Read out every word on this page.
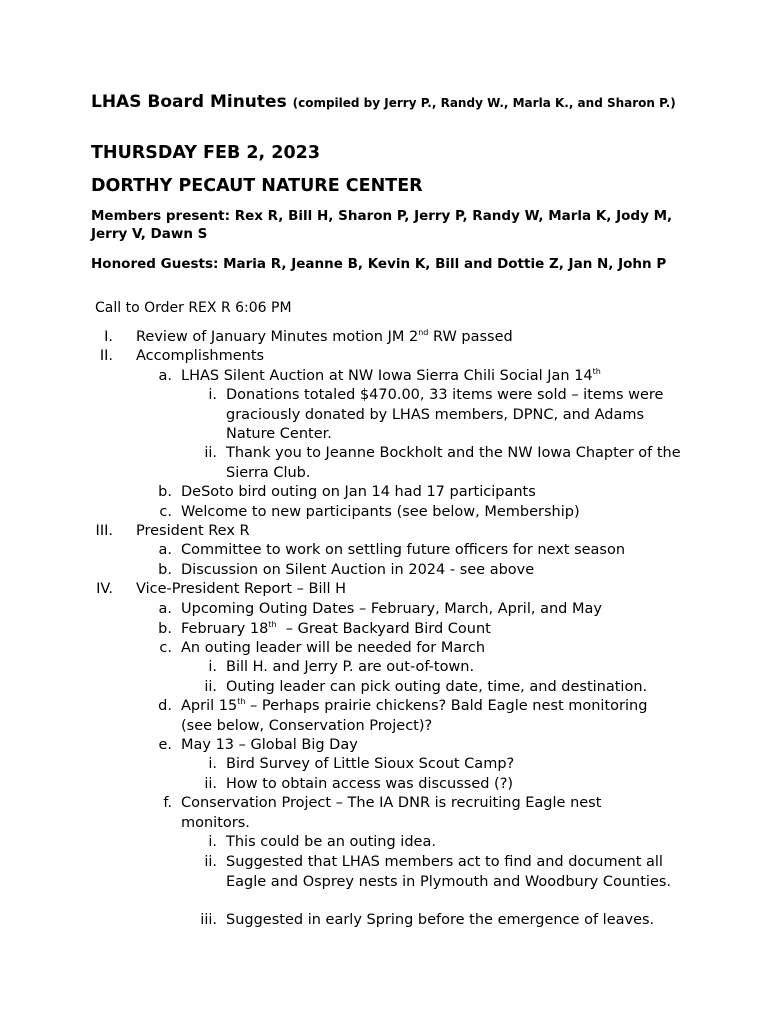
LHAS Board Minutes (compiled by Jerry P., Randy W., Marla K., and Sharon P.)
THURSDAY FEB 2, 2023
DORTHY PECAUT NATURE CENTER
Members present: Rex R, Bill H, Sharon P, Jerry P, Randy W, Marla K, Jody M, Jerry V, Dawn S
Honored Guests: Maria R, Jeanne B, Kevin K, Bill and Dottie Z, Jan N, John P
Call to Order REX R 6:06 PM
I. Review of January Minutes motion JM 2nd RW passed
II. Accomplishments
a. LHAS Silent Auction at NW Iowa Sierra Chili Social Jan 14th
i. Donations totaled $470.00, 33 items were sold – items were graciously donated by LHAS members, DPNC, and Adams Nature Center.
ii. Thank you to Jeanne Bockholt and the NW Iowa Chapter of the Sierra Club.
b. DeSoto bird outing on Jan 14 had 17 participants
c. Welcome to new participants (see below, Membership)
III. President Rex R
a. Committee to work on settling future officers for next season
b. Discussion on Silent Auction in 2024 - see above
IV. Vice-President Report – Bill H
a. Upcoming Outing Dates – February, March, April, and May
b. February 18th  – Great Backyard Bird Count
c. An outing leader will be needed for March
i. Bill H. and Jerry P. are out-of-town.
ii. Outing leader can pick outing date, time, and destination.
d. April 15th – Perhaps prairie chickens? Bald Eagle nest monitoring (see below, Conservation Project)?
e. May 13 – Global Big Day
i. Bird Survey of Little Sioux Scout Camp?
ii. How to obtain access was discussed (?)
f. Conservation Project – The IA DNR is recruiting Eagle nest monitors.
i. This could be an outing idea.
ii. Suggested that LHAS members act to find and document all Eagle and Osprey nests in Plymouth and Woodbury Counties.
iii. Suggested in early Spring before the emergence of leaves.
